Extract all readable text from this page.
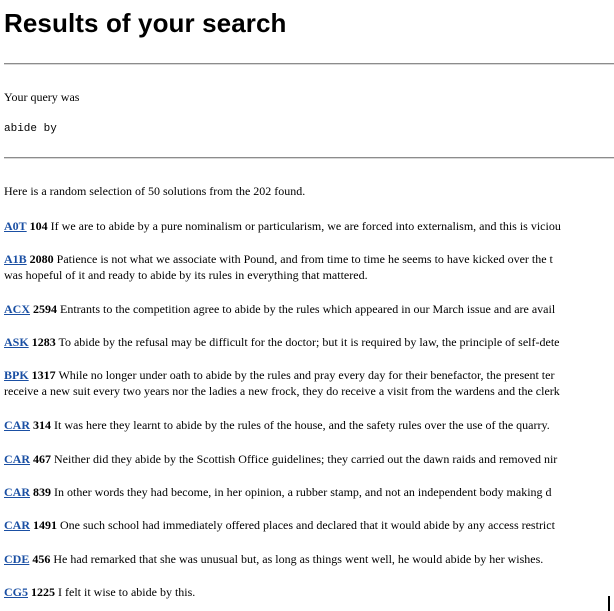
Results of your search
Your query was
abide by
Here is a random selection of 50 solutions from the 202 found.
A0T 104 If we are to abide by a pure nominalism or particularism, we are forced into externalism, and this is viciou
A1B 2080 Patience is not what we associate with Pound, and from time to time he seems to have kicked over the t
was hopeful of it and ready to abide by its rules in everything that mattered.
ACX 2594 Entrants to the competition agree to abide by the rules which appeared in our March issue and are avail
ASK 1283 To abide by the refusal may be difficult for the doctor; but it is required by law, the principle of self-dete
BPK 1317 While no longer under oath to abide by the rules and pray every day for their benefactor, the present ter
receive a new suit every two years nor the ladies a new frock, they do receive a visit from the wardens and the clerk
CAR 314 It was here they learnt to abide by the rules of the house, and the safety rules over the use of the quarry.
CAR 467 Neither did they abide by the Scottish Office guidelines; they carried out the dawn raids and removed nir
CAR 839 In other words they had become, in her opinion, a rubber stamp, and not an independent body making d
CAR 1491 One such school had immediately offered places and declared that it would abide by any access restrict
CDE 456 He had remarked that she was unusual but, as long as things went well, he would abide by her wishes.
CG5 1225 I felt it wise to abide by this.
